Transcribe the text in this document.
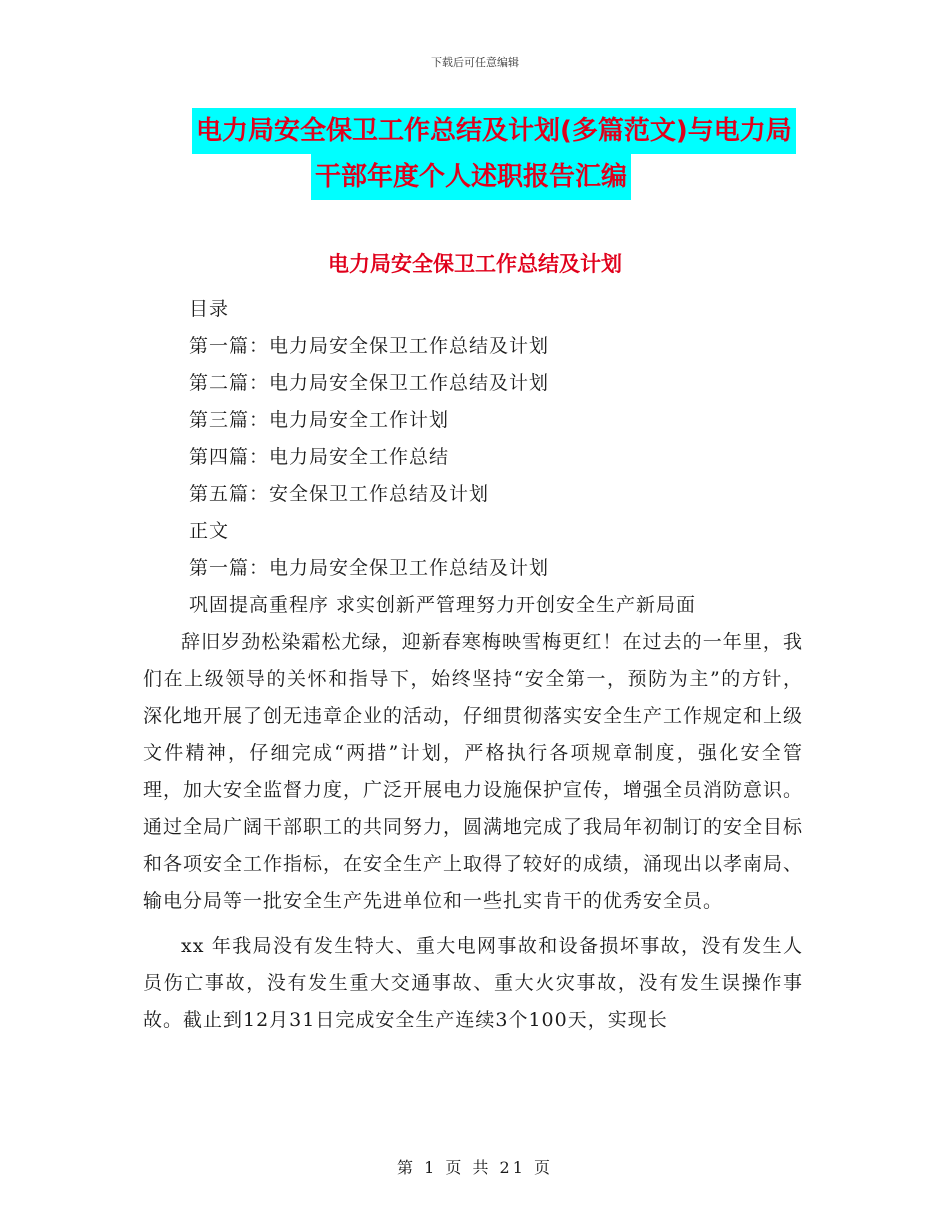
下载后可任意编辑
电力局安全保卫工作总结及计划(多篇范文)与电力局
干部年度个人述职报告汇编
电力局安全保卫工作总结及计划

目录

第一篇：电力局安全保卫工作总结及计划

第二篇：电力局安全保卫工作总结及计划

第三篇：电力局安全工作计划

第四篇：电力局安全工作总结

第五篇：安全保卫工作总结及计划

正文

第一篇：电力局安全保卫工作总结及计划

巩固提高重程序 求实创新严管理努力开创安全生产新局面

辞旧岁劲松染霜松尤绿，迎新春寒梅映雪梅更红！在过去的一年里，我们在上级领导的关怀和指导下，始终坚持“安全第一，预防为主”的方针，深化地开展了创无违章企业的活动，仔细贯彻落实安全生产工作规定和上级文件精神，仔细完成“两措”计划，严格执行各项规章制度，强化安全管理，加大安全监督力度，广泛开展电力设施保护宣传，增强全员消防意识。通过全局广阔干部职工的共同努力，圆满地完成了我局年初制订的安全目标和各项安全工作指标，在安全生产上取得了较好的成绩，涌现出以孝南局、输电分局等一批安全生产先进单位和一些扎实肯干的优秀安全员。

xx 年我局没有发生特大、重大电网事故和设备损坏事故，没有发生人员伤亡事故，没有发生重大交通事故、重大火灾事故，没有发生误操作事故。截止到12月31日完成安全生产连续3个100天，实现长

第 1 页 共 21 页
